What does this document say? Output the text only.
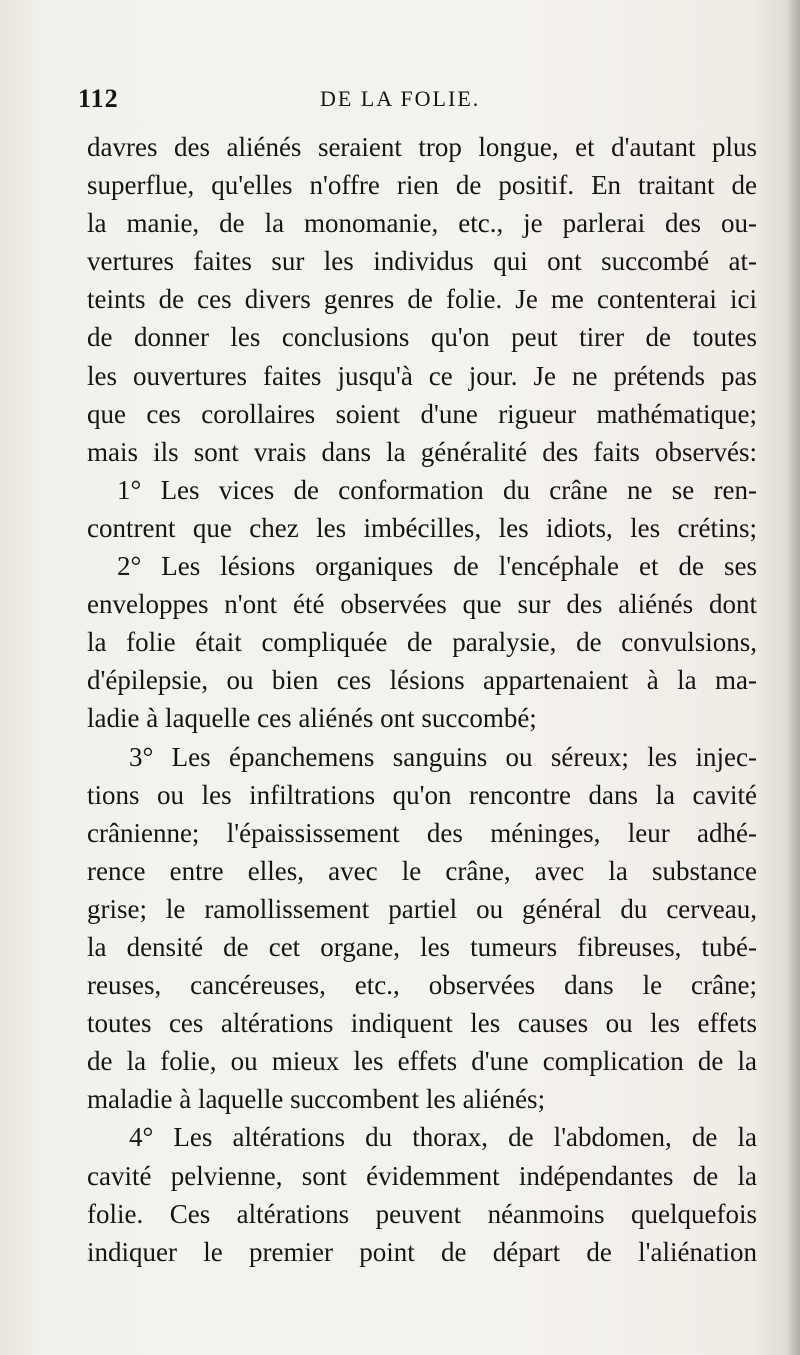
112	DE LA FOLIE.
davres des aliénés seraient trop longue, et d'autant plus
superflue, qu'elles n'offre rien de positif. En traitant de
la manie, de la monomanie, etc., je parlerai des ou-
vertures faites sur les individus qui ont succombé at-
teints de ces divers genres de folie. Je me contenterai ici
de donner les conclusions qu'on peut tirer de toutes
les ouvertures faites jusqu'à ce jour. Je ne prétends pas
que ces corollaires soient d'une rigueur mathématique;
mais ils sont vrais dans la généralité des faits observés:
1° Les vices de conformation du crâne ne se ren-
contrent que chez les imbécilles, les idiots, les crétins;
2° Les lésions organiques de l'encéphale et de ses
enveloppes n'ont été observées que sur des aliénés dont
la folie était compliquée de paralysie, de convulsions,
d'épilepsie, ou bien ces lésions appartenaient à la ma-
ladie à laquelle ces aliénés ont succombé;
3° Les épanchemens sanguins ou séreux; les injec-
tions ou les infiltrations qu'on rencontre dans la cavité
crânienne; l'épaississement des méninges, leur adhé-
rence entre elles, avec le crâne, avec la substance
grise; le ramollissement partiel ou général du cerveau,
la densité de cet organe, les tumeurs fibreuses, tubé-
reuses, cancéreuses, etc., observées dans le crâne;
toutes ces altérations indiquent les causes ou les effets
de la folie, ou mieux les effets d'une complication de la
maladie à laquelle succombent les aliénés;
4° Les altérations du thorax, de l'abdomen, de la
cavité pelvienne, sont évidemment indépendantes de la
folie. Ces altérations peuvent néanmoins quelquefois
indiquer le premier point de départ de l'aliénation
